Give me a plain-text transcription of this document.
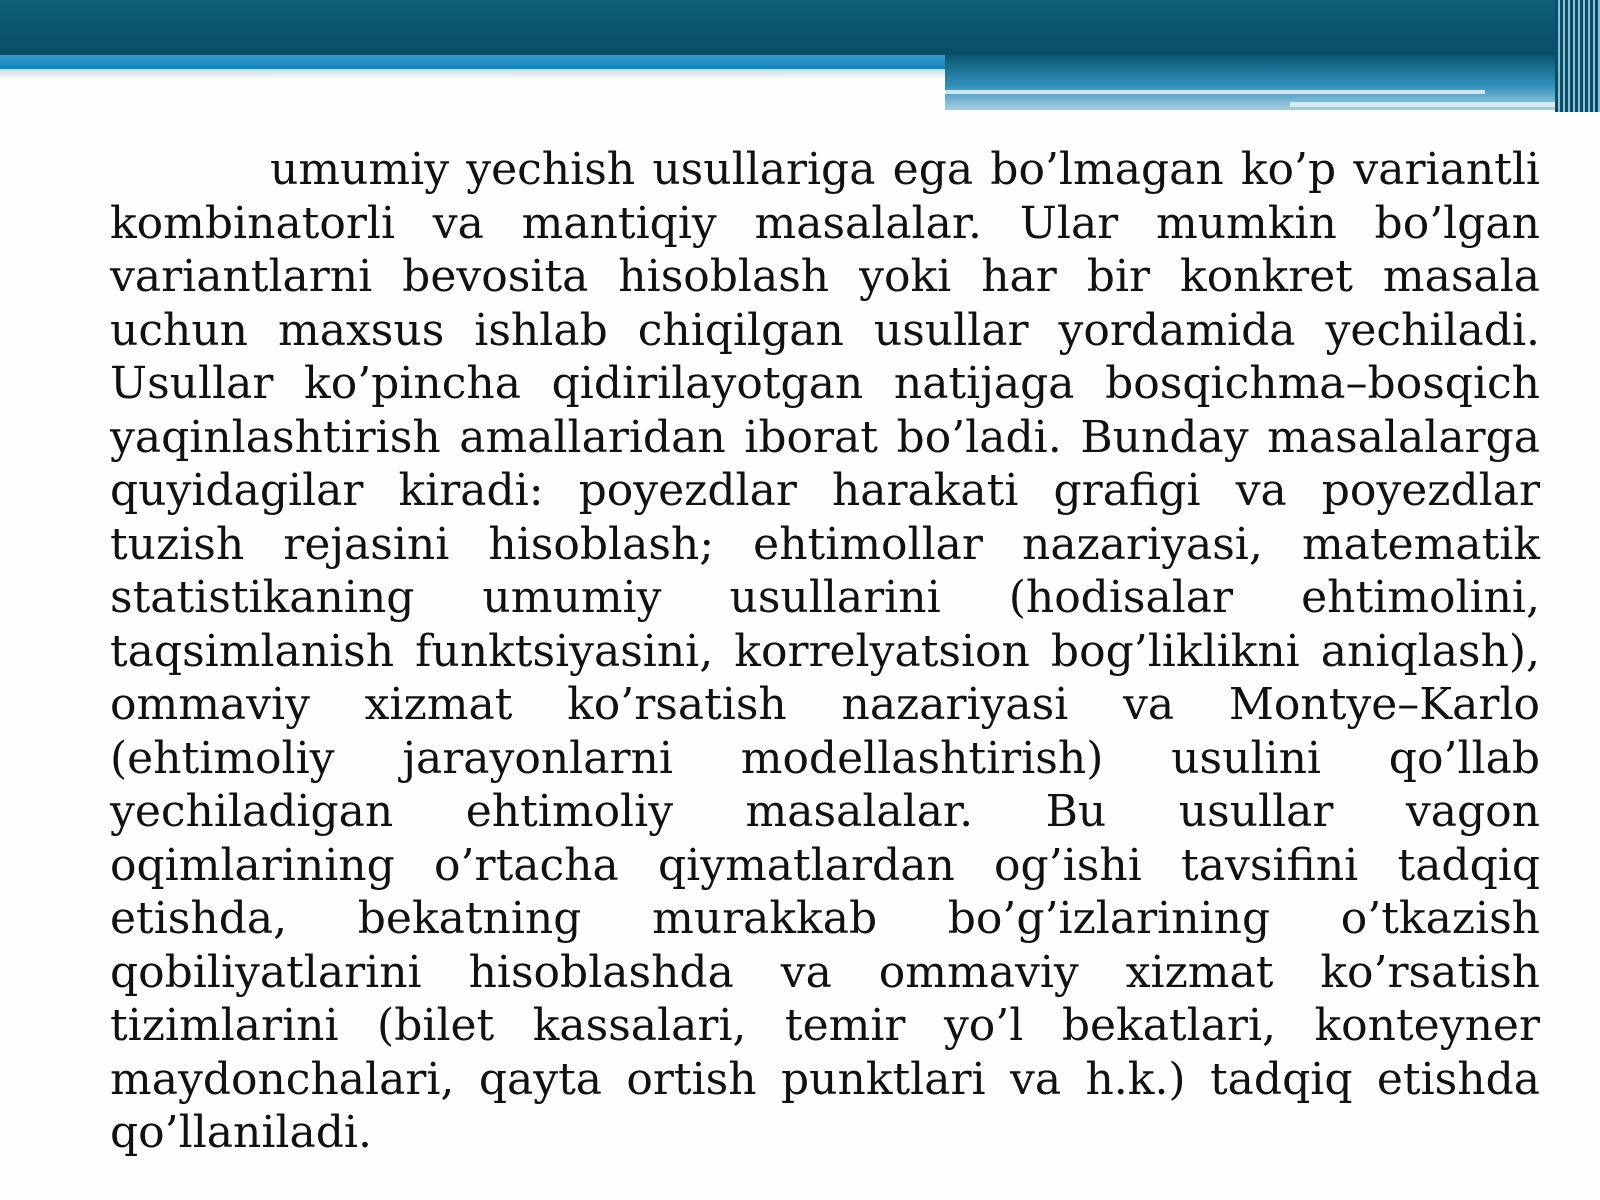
umumiy yechish usullariga ega bo’lmagan ko’p variantli kombinatorli va mantiqiy masalalar. Ular mumkin bo’lgan variantlarni bevosita hisoblash yoki har bir konkret masala uchun maxsus ishlab chiqilgan usullar yordamida yechiladi. Usullar ko’pincha qidirilayotgan natijaga bosqichma–bosqich yaqinlashtirish amallaridan iborat bo’ladi. Bunday masalalarga quyidagilar kiradi: poyezdlar harakati grafigi va poyezdlar tuzish rejasini hisoblash; ehtimollar nazariyasi, matematik statistikaning umumiy usullarini (hodisalar ehtimolini, taqsimlanish funktsiyasini, korrelyatsion bog’liklikni aniqlash), ommaviy xizmat ko’rsatish nazariyasi va Montye–Karlo (ehtimoliy jarayonlarni modellashtirish) usulini qo’llab yechiladigan ehtimoliy masalalar. Bu usullar vagon oqimlarining o’rtacha qiymatlardan og’ishi tavsifini tadqiq etishda, bekatning murakkab bo’g’izlarining o’tkazish qobiliyatlarini hisoblashda va ommaviy xizmat ko’rsatish tizimlarini (bilet kassalari, temir yo’l bekatlari, konteyner maydonchalari, qayta ortish punktlari va h.k.) tadqiq etishda qo’llaniladi.
